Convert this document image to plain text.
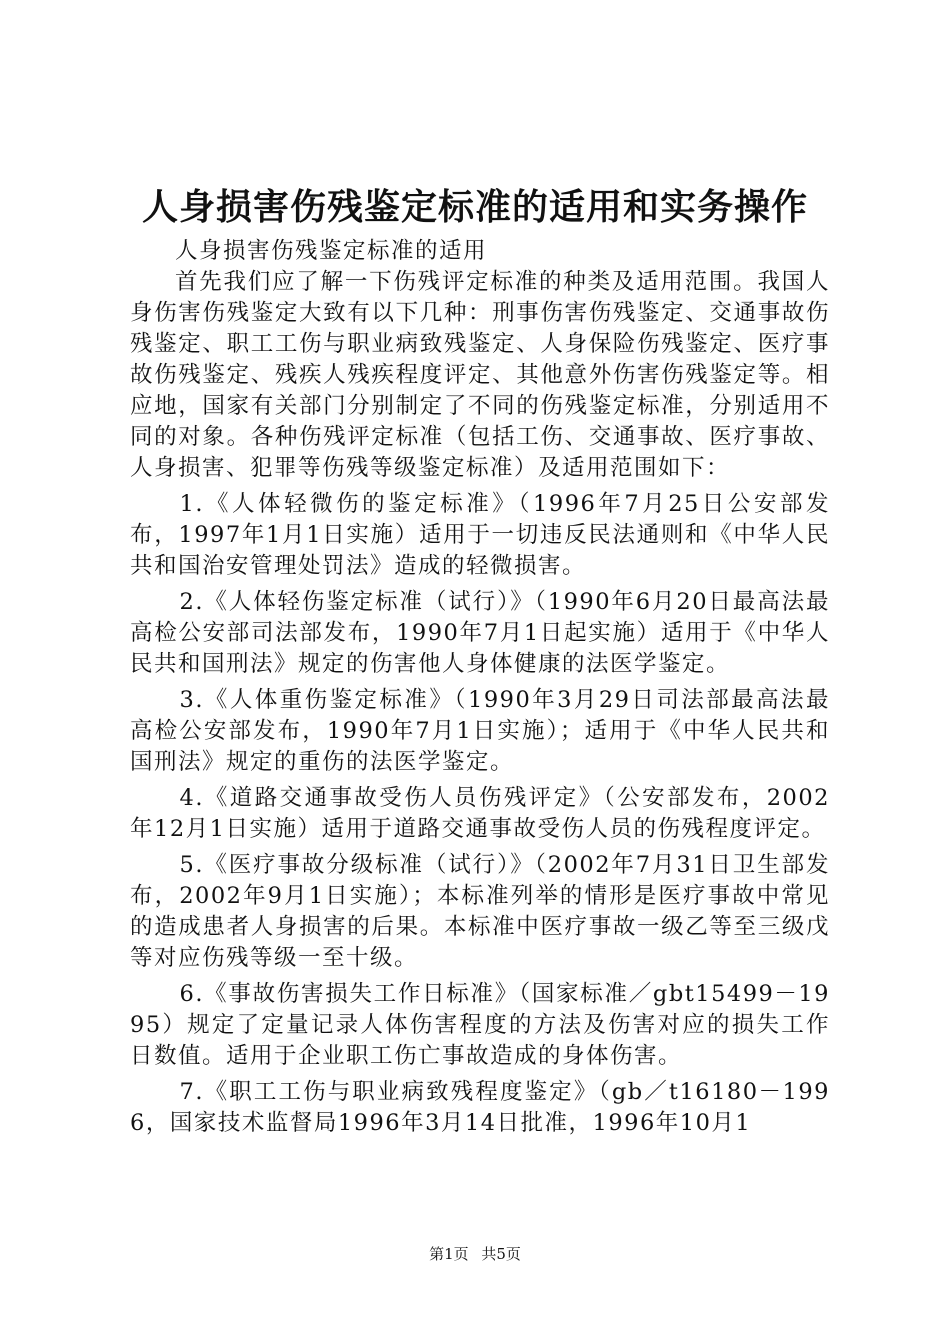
人身损害伤残鉴定标准的适用和实务操作

人身损害伤残鉴定标准的适用

首先我们应了解一下伤残评定标准的种类及适用范围。我国人身伤害伤残鉴定大致有以下几种：刑事伤害伤残鉴定、交通事故伤残鉴定、职工工伤与职业病致残鉴定、人身保险伤残鉴定、医疗事故伤残鉴定、残疾人残疾程度评定、其他意外伤害伤残鉴定等。相应地，国家有关部门分别制定了不同的伤残鉴定标准，分别适用不同的对象。各种伤残评定标准（包括工伤、交通事故、医疗事故、人身损害、犯罪等伤残等级鉴定标准）及适用范围如下：

1.《人体轻微伤的鉴定标准》（1996年7月25日公安部发布，1997年1月1日实施）适用于一切违反民法通则和《中华人民共和国治安管理处罚法》造成的轻微损害。

2.《人体轻伤鉴定标准（试行）》（1990年6月20日最高法最高检公安部司法部发布，1990年7月1日起实施）适用于《中华人民共和国刑法》规定的伤害他人身体健康的法医学鉴定。

3.《人体重伤鉴定标准》（1990年3月29日司法部最高法最高检公安部发布，1990年7月1日实施）；适用于《中华人民共和国刑法》规定的重伤的法医学鉴定。

4.《道路交通事故受伤人员伤残评定》（公安部发布，2002年12月1日实施）适用于道路交通事故受伤人员的伤残程度评定。

5.《医疗事故分级标准（试行）》（2002年7月31日卫生部发布，2002年9月1日实施）；本标准列举的情形是医疗事故中常见的造成患者人身损害的后果。本标准中医疗事故一级乙等至三级戊等对应伤残等级一至十级。

6.《事故伤害损失工作日标准》（国家标准／gbt15499－1995）规定了定量记录人体伤害程度的方法及伤害对应的损失工作日数值。适用于企业职工伤亡事故造成的身体伤害。

7.《职工工伤与职业病致残程度鉴定》（gb／t16180－1996，国家技术监督局1996年3月14日批准，1996年10月1

第1页 共5页
